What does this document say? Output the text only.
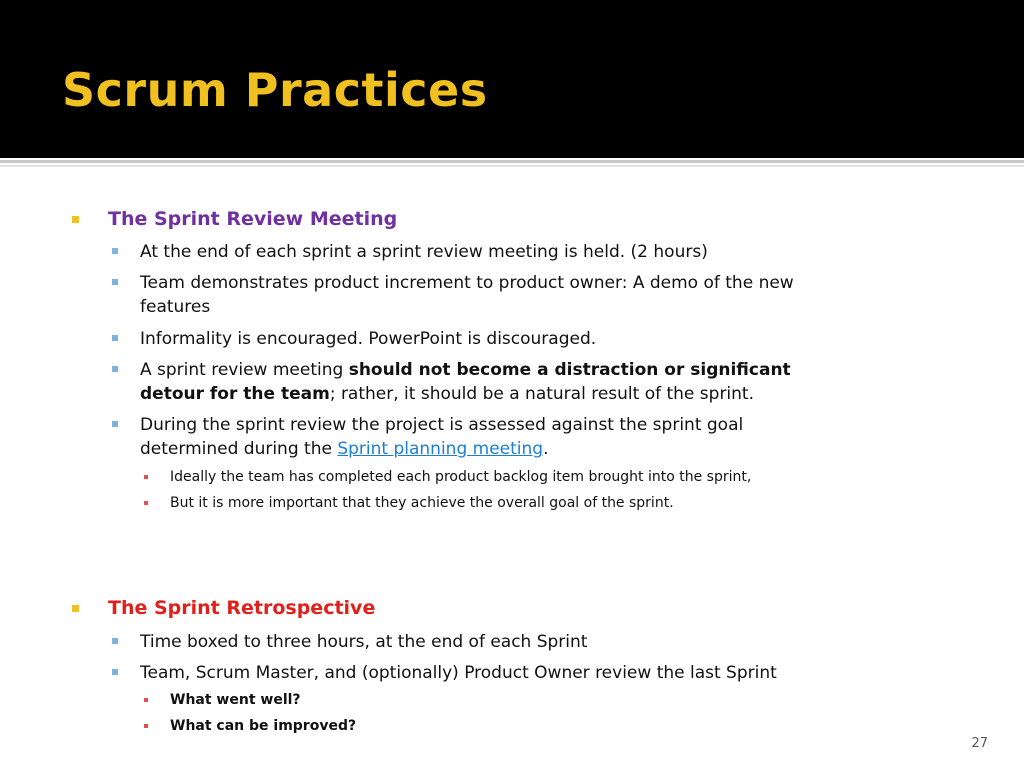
Scrum Practices
The Sprint Review Meeting
At the end of each sprint a sprint review meeting is held. (2 hours)
Team demonstrates product increment to product owner: A demo of the new
features
Informality is encouraged. PowerPoint is discouraged.
A sprint review meeting should not become a distraction or significant
detour for the team; rather, it should be a natural result of the sprint.
During the sprint review the project is assessed against the sprint goal
determined during the Sprint planning meeting.
Ideally the team has completed each product backlog item brought into the sprint,
But it is more important that they achieve the overall goal of the sprint.
The Sprint Retrospective
Time boxed to three hours, at the end of each Sprint
Team, Scrum Master, and (optionally) Product Owner review the last Sprint
What went well?
What can be improved?
27
